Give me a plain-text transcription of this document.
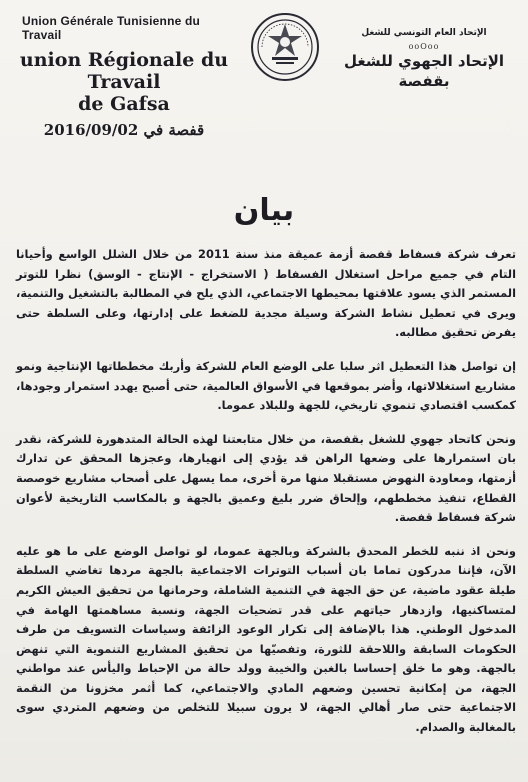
Union Générale Tunisienne du Travail
union Régionale du Travail
de Gafsa
قفصة في 2016/09/02
الإتحاد العام التونسي للشغل
ooOoo
الإتحاد الجهوي للشغل
بقفصة
بيان

تعرف شركة فسفاط قفصة أزمة عميقة منذ سنة 2011 من خلال الشلل الواسع وأحيانا التام في جميع مراحل استغلال الفسفاط ( الاستخراج - الإنتاج - الوسق) نظرا للتوتر المستمر الذي يسود علاقتها بمحيطها الاجتماعي، الذي يلح في المطالبة بالتشغيل والتنمية، ويرى في تعطيل نشاط الشركة وسيلة مجدية للضغط على إدارتها، وعلى السلطة حتى يفرض تحقيق مطالبه.

إن تواصل هذا التعطيل اثر سلبا على الوضع العام للشركة وأربك مخططاتها الإنتاجية ونمو مشاريع استغلالاتها، وأضر بموقعها في الأسواق العالمية، حتى أصبح يهدد استمرار وجودها، كمكسب اقتصادي تنموي تاريخي، للجهة وللبلاد عموما.

ونحن كاتحاد جهوي للشغل بقفصة، من خلال متابعتنا لهذه الحالة المتدهورة للشركة، نقدر بان استمرارها على وضعها الراهن قد يؤدي إلى انهيارها، وعجزها المحقق عن تدارك أزمتها، ومعاودة النهوض مستقبلا منها مرة أخرى، مما يسهل على أصحاب مشاريع خوصصة القطاع، تنفيذ مخططهم، وإلحاق ضرر بليغ وعميق بالجهة و بالمكاسب التاريخية لأعوان شركة فسفاط قفصة.

ونحن اذ ننبه للخطر المحدق بالشركة وبالجهة عموما، لو تواصل الوضع على ما هو عليه الآن، فإننا مدركون تماما بان أسباب التوترات الاجتماعية بالجهة مردها تغاضي السلطة طيلة عقود ماضية، عن حق الجهة في التنمية الشاملة، وحرمانها من تحقيق العيش الكريم لمتساكنيها، وازدهار حياتهم على قدر تضحيات الجهة، ونسبة مساهمتها الهامة في المدخول الوطني. هذا بالإضافة إلى تكرار الوعود الزائفة وسياسات التسويف من طرف الحكومات السابقة واللاحقة للثورة، وتفصيّها من تحقيق المشاريع التنموية التي تنهض بالجهة. وهو ما خلق إحساسا بالغبن والخيبة وولد حالة من الإحباط واليأس عند مواطني الجهة، من إمكانية تحسين وضعهم المادي والاجتماعي، كما أثمر مخزونا من النقمة الاجتماعية حتى صار أهالي الجهة، لا يرون سبيلا للتخلص من وضعهم المتردي سوى بالمغالبة والصدام.
